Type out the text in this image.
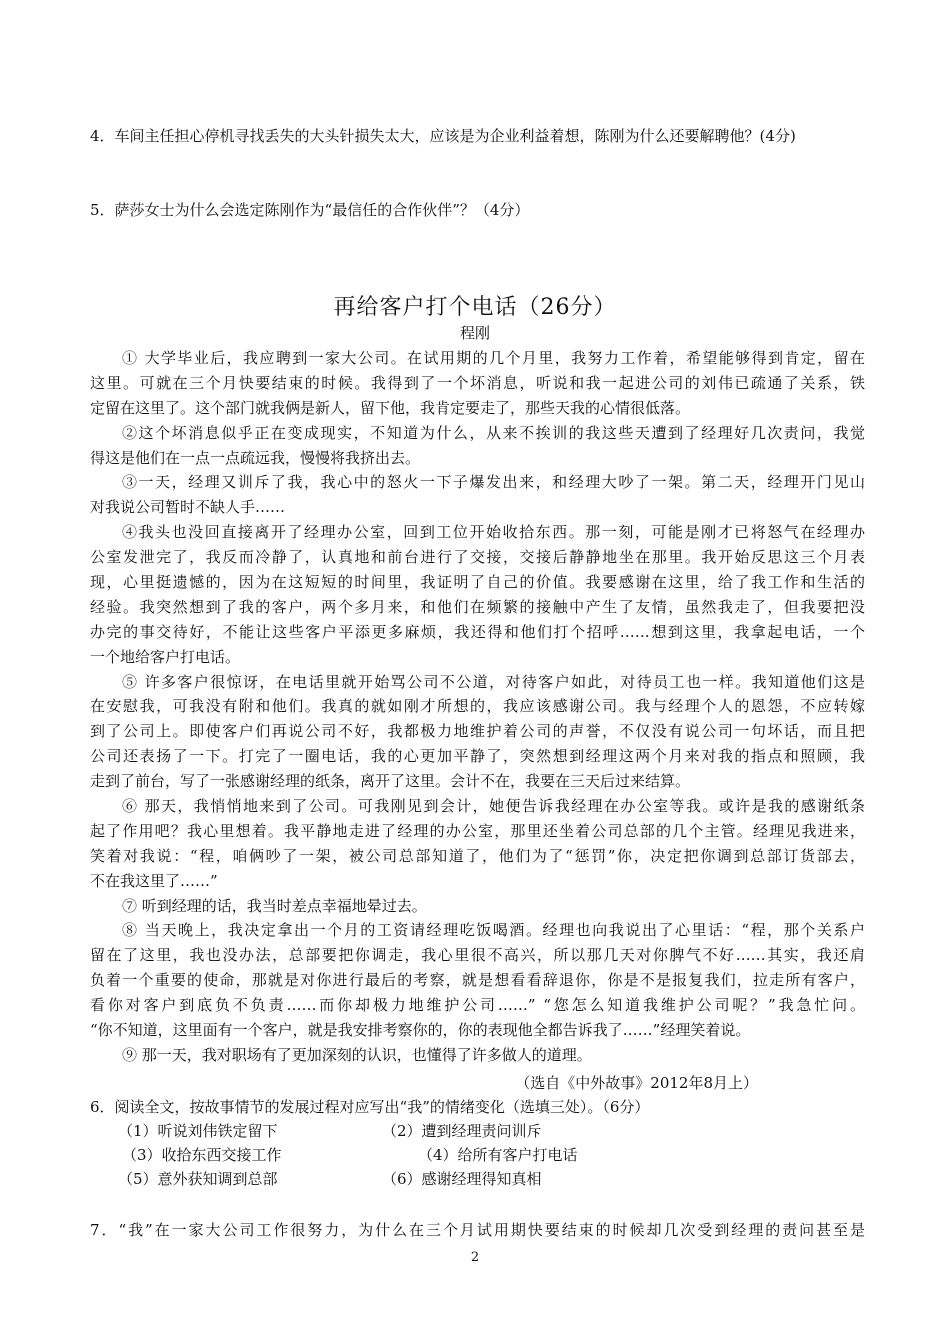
4．车间主任担心停机寻找丢失的大头针损失太大，应该是为企业利益着想，陈刚为什么还要解聘他？(4分)
5．萨莎女士为什么会选定陈刚作为“最信任的合作伙伴”？（4分）
再给客户打个电话（26分）
程刚
① 大学毕业后，我应聘到一家大公司。在试用期的几个月里，我努力工作着，希望能够得到肯定，留在
这里。可就在三个月快要结束的时候。我得到了一个坏消息，听说和我一起进公司的刘伟已疏通了关系，铁
定留在这里了。这个部门就我俩是新人，留下他，我肯定要走了，那些天我的心情很低落。
②这个坏消息似乎正在变成现实，不知道为什么，从来不挨训的我这些天遭到了经理好几次责问，我觉
得这是他们在一点一点疏远我，慢慢将我挤出去。
③一天，经理又训斥了我，我心中的怒火一下子爆发出来，和经理大吵了一架。第二天，经理开门见山
对我说公司暂时不缺人手……
④我头也没回直接离开了经理办公室，回到工位开始收拾东西。那一刻，可能是刚才已将怒气在经理办
公室发泄完了，我反而冷静了，认真地和前台进行了交接，交接后静静地坐在那里。我开始反思这三个月表
现，心里挺遗憾的，因为在这短短的时间里，我证明了自己的价值。我要感谢在这里，给了我工作和生活的
经验。我突然想到了我的客户，两个多月来，和他们在频繁的接触中产生了友情，虽然我走了，但我要把没
办完的事交待好，不能让这些客户平添更多麻烦，我还得和他们打个招呼……想到这里，我拿起电话，一个
一个地给客户打电话。
⑤ 许多客户很惊讶，在电话里就开始骂公司不公道，对待客户如此，对待员工也一样。我知道他们这是
在安慰我，可我没有附和他们。我真的就如刚才所想的，我应该感谢公司。我与经理个人的恩怨，不应转嫁
到了公司上。即使客户们再说公司不好，我都极力地维护着公司的声誉，不仅没有说公司一句坏话，而且把
公司还表扬了一下。打完了一圈电话，我的心更加平静了，突然想到经理这两个月来对我的指点和照顾，我
走到了前台，写了一张感谢经理的纸条，离开了这里。会计不在，我要在三天后过来结算。
⑥ 那天，我悄悄地来到了公司。可我刚见到会计，她便告诉我经理在办公室等我。或许是我的感谢纸条
起了作用吧？我心里想着。我平静地走进了经理的办公室，那里还坐着公司总部的几个主管。经理见我进来，
笑着对我说：“程，咱俩吵了一架，被公司总部知道了，他们为了“惩罚”你，决定把你调到总部订货部去，
不在我这里了……”
⑦ 听到经理的话，我当时差点幸福地晕过去。
⑧ 当天晚上，我决定拿出一个月的工资请经理吃饭喝酒。经理也向我说出了心里话：“程，那个关系户
留在了这里，我也没办法，总部要把你调走，我心里很不高兴，所以那几天对你脾气不好……其实，我还肩
负着一个重要的使命，那就是对你进行最后的考察，就是想看看辞退你，你是不是报复我们，拉走所有客户，
看你对客户到底负不负责……而你却极力地维护公司……” “您怎么知道我维护公司呢？”我急忙问。
“你不知道，这里面有一个客户，就是我安排考察你的，你的表现他全都告诉我了……”经理笑着说。
⑨ 那一天，我对职场有了更加深刻的认识，也懂得了许多做人的道理。
（选自《中外故事》2012年8月上）
6．阅读全文，按故事情节的发展过程对应写出“我”的情绪变化（选填三处）。（6分）
（1）听说刘伟铁定留下	（2）遭到经理责问训斥
（3）收拾东西交接工作	（4）给所有客户打电话
（5）意外获知调到总部	（6）感谢经理得知真相
7．“我”在一家大公司工作很努力，为什么在三个月试用期快要结束的时候却几次受到经理的责问甚至是
2
